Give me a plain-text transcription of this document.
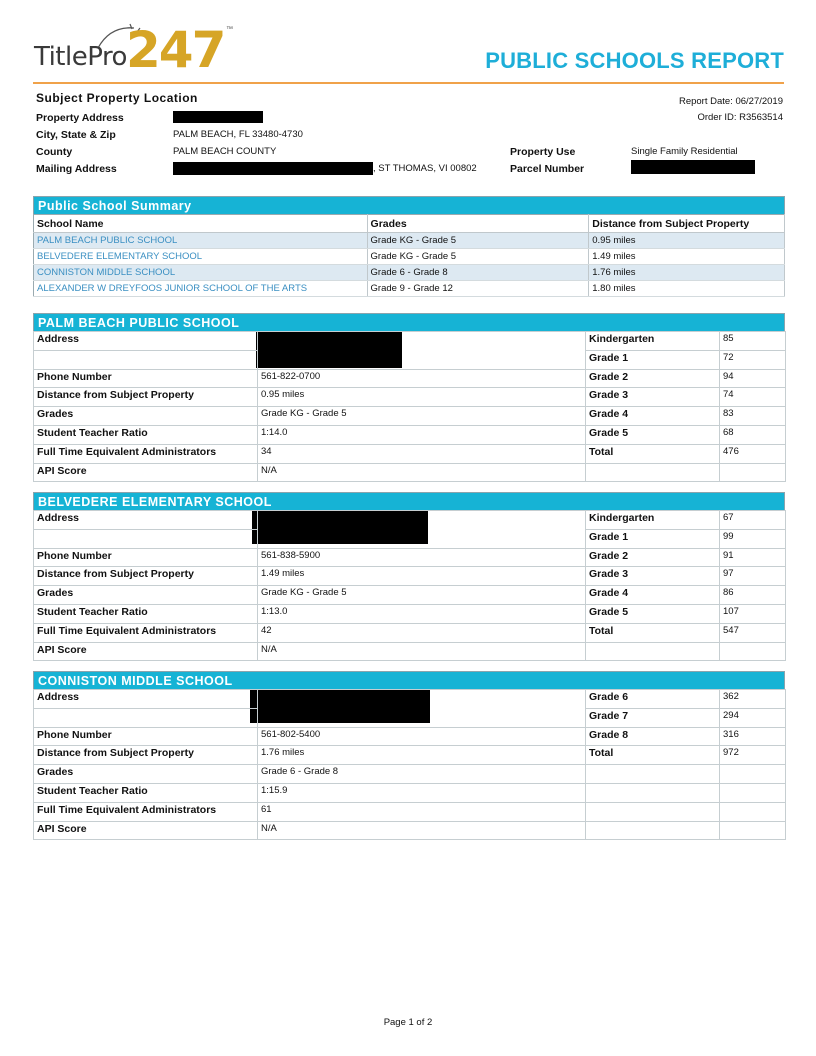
TitlePro 247 ™
PUBLIC SCHOOLS REPORT
Subject Property Location	Report Date: 06/27/2019
Order ID: R3563514
Property Address
City, State & Zip	PALM BEACH, FL 33480-4730
County	PALM BEACH COUNTY
Mailing Address	, ST THOMAS, VI 00802
Property Use	Single Family Residential
Parcel Number
Public School Summary
School Name	Grades	Distance from Subject Property
PALM BEACH PUBLIC SCHOOL	Grade KG - Grade 5	0.95 miles
BELVEDERE ELEMENTARY SCHOOL	Grade KG - Grade 5	1.49 miles
CONNISTON MIDDLE SCHOOL	Grade 6 - Grade 8	1.76 miles
ALEXANDER W DREYFOOS JUNIOR SCHOOL OF THE ARTS	Grade 9 - Grade 12	1.80 miles
PALM BEACH PUBLIC SCHOOL
Address		Kindergarten	85
		Grade 1	72
Phone Number	561-822-0700	Grade 2	94
Distance from Subject Property	0.95 miles	Grade 3	74
Grades	Grade KG - Grade 5	Grade 4	83
Student Teacher Ratio	1:14.0	Grade 5	68
Full Time Equivalent Administrators	34	Total	476
API Score	N/A		
BELVEDERE ELEMENTARY SCHOOL
Address		Kindergarten	67
		Grade 1	99
Phone Number	561-838-5900	Grade 2	91
Distance from Subject Property	1.49 miles	Grade 3	97
Grades	Grade KG - Grade 5	Grade 4	86
Student Teacher Ratio	1:13.0	Grade 5	107
Full Time Equivalent Administrators	42	Total	547
API Score	N/A		
CONNISTON MIDDLE SCHOOL
Address		Grade 6	362
		Grade 7	294
Phone Number	561-802-5400	Grade 8	316
Distance from Subject Property	1.76 miles	Total	972
Grades	Grade 6 - Grade 8		
Student Teacher Ratio	1:15.9		
Full Time Equivalent Administrators	61		
API Score	N/A		
Page 1 of 2
